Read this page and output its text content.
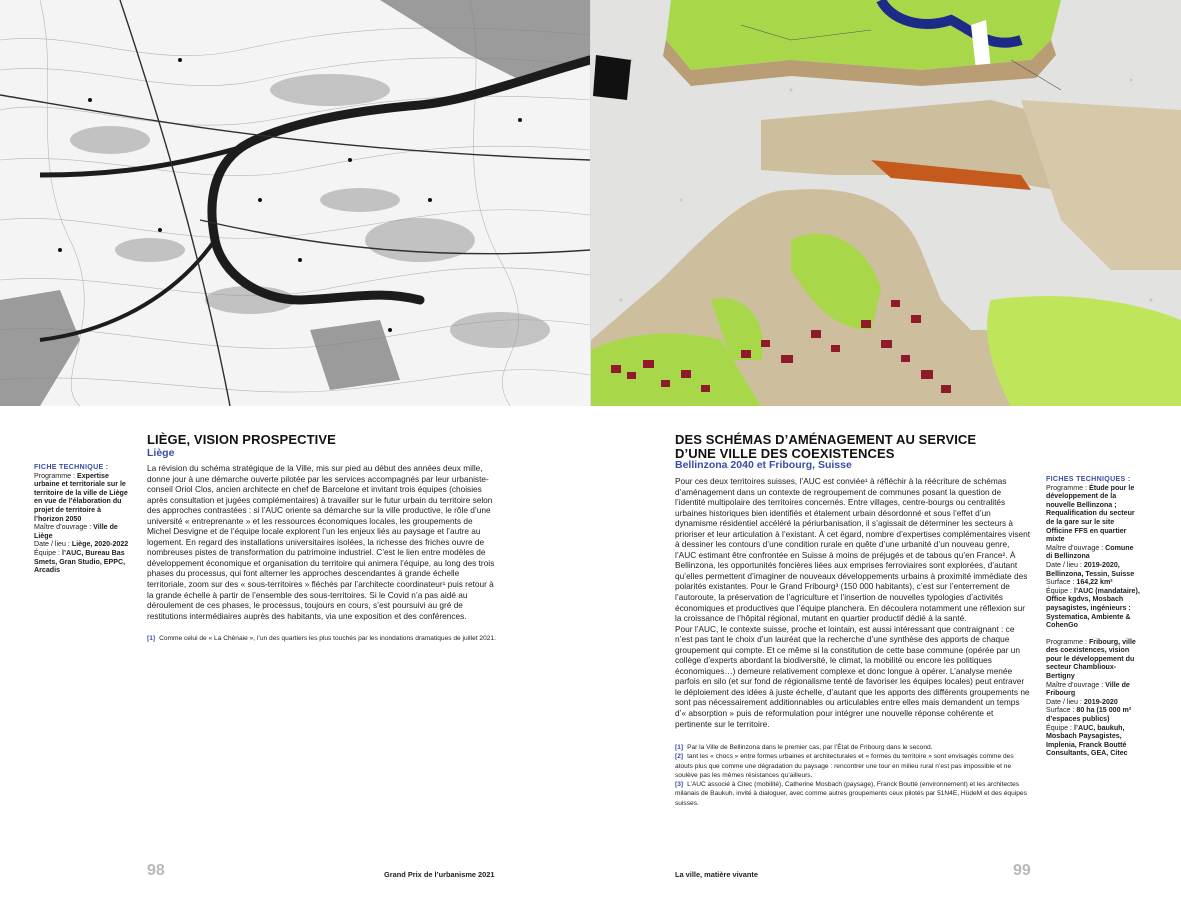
FICHE TECHNIQUE :
Programme : Expertise urbaine et territoriale sur le territoire de la ville de Liège en vue de l’élaboration du projet de territoire à l’horizon 2050
Maître d’ouvrage : Ville de Liège
Date / lieu : Liège, 2020-2022
Équipe : l’AUC, Bureau Bas Smets, Gran Studio, EPPC, Arcadis
LIÈGE, VISION PROSPECTIVE
Liège

La révision du schéma stratégique de la Ville, mis sur pied au début des années deux mille, donne jour à une démarche ouverte pilotée par les services accompagnés par leur urbaniste-conseil Oriol Clos, ancien architecte en chef de Barcelone et invitant trois équipes (choisies après consultation et jugées complémentaires) à travailler sur le futur urbain du territoire selon des approches contrastées : si l’AUC oriente sa démarche sur la ville productive, le rôle d’une université « entreprenante » et les ressources économiques locales, les groupements de Michel Desvigne et de l’équipe locale explorent l’un les enjeux liés au paysage et l’autre au logement. En regard des installations universitaires isolées, la richesse des friches ouvre de nombreuses pistes de transformation du patrimoine industriel. C’est le lien entre modèles de développement économique et organisation du territoire qui animera l’équipe, au long des trois phases du processus, qui font alterner les approches descendantes à grande échelle territoriale, zoom sur des « sous-territoires » fléchés par l’architecte coordinateur¹ puis retour à la grande échelle à partir de l’ensemble des sous-territoires. Si le Covid n’a pas aidé au déroulement de ces phases, le processus, toujours en cours, s’est poursuivi au gré de restitutions intermédiaires auprès des habitants, via une exposition et des conférences.

[1] Comme celui de « La Chênaie », l’un des quartiers les plus touchés par les inondations dramatiques de juillet 2021.

98	Grand Prix de l’urbanisme 2021
DES SCHÉMAS D’AMÉNAGEMENT AU SERVICE
D’UNE VILLE DES COEXISTENCES
Bellinzona 2040 et Fribourg, Suisse

Pour ces deux territoires suisses, l’AUC est conviée¹ à réfléchir à la réécriture de schémas d’aménagement dans un contexte de regroupement de communes posant la question de l’identité multipolaire des territoires concernés. Entre villages, centre-bourgs ou centralités urbaines historiques bien identifiés et étalement urbain désordonné et sous l’effet d’un dynamisme résidentiel accéléré la périurbanisation, il s’agissait de déterminer les secteurs à prioriser et leur articulation à l’existant. À cet égard, nombre d’expertises complémentaires visent à dessiner les contours d’une condition rurale en quête d’une urbanité d’un nouveau genre, l’AUC estimant être confrontée en Suisse à moins de préjugés et de tabous qu’en France². À Bellinzona, les opportunités foncières liées aux emprises ferroviaires sont explorées, d’autant qu’elles permettent d’imaginer de nouveaux développements urbains à proximité immédiate des polarités existantes. Pour le Grand Fribourg³ (150 000 habitants), c’est sur l’enterrement de l’autoroute, la préservation de l’agriculture et l’insertion de nouvelles typologies d’activités économiques et productives que l’équipe planchera. En découlera notamment une réflexion sur la croissance de l’hôpital régional, mutant en quartier productif dédié à la santé.

Pour l’AUC, le contexte suisse, proche et lointain, est aussi intéressant que contraignant : ce n’est pas tant le choix d’un lauréat que la recherche d’une synthèse des apports de chaque groupement qui compte. Et ce même si la constitution de cette base commune (opérée par un collège d’experts abordant la biodiversité, le climat, la mobilité ou encore les politiques économiques…) demeure relativement complexe et donc longue à opérer. L’analyse menée parfois en silo (et sur fond de régionalisme tenté de favoriser les équipes locales) peut entraver le déploiement des idées à juste échelle, d’autant que les apports des différents groupements ne sont pas nécessairement additionnables ou articulables entre elles mais demandent un temps d’« absorption » puis de reformulation pour intégrer une nouvelle réponse cohérente et pertinente sur le territoire.

[1] Par la Ville de Bellinzona dans le premier cas, par l’État de Fribourg dans le second.

[2] tant les « chocs » entre formes urbaines et architecturales et « formes du territoire » sont envisagés comme des atouts plus que comme une dégradation du paysage : rencontrer une tour en milieu rural n’est pas impossible et ne soulève pas les mêmes résistances qu’ailleurs.

[3] L’AUC associé à Citec (mobilité), Catherine Mosbach (paysage), Franck Boutté (environnement) et les architectes milanais de Baukuh, invité à dialoguer, avec comme autres groupements ceux pilotés par 51N4E, HüdeM et des équipes suisses.

FICHES TECHNIQUES :
Programme : Étude pour le développement de la nouvelle Bellinzona ; Requalification du secteur de la gare sur le site Officine FFS en quartier mixte
Maître d’ouvrage : Comune di Bellinzona
Date / lieu : 2019-2020, Bellinzona, Tessin, Suisse
Surface : 164,22 km²
Équipe : l’AUC (mandataire), Office kgdvs, Mosbach paysagistes, ingénieurs : Systematica, Ambiente & CohenGo
Programme : Fribourg, ville des coexistences, vision pour le développement du secteur Chamblioux-Bertigny
Maître d’ouvrage : Ville de Fribourg
Date / lieu : 2019-2020
Surface : 80 ha (15 000 m² d’espaces publics)
Équipe : l’AUC, baukuh, Mosbach Paysagistes, Implenia, Franck Boutté Consultants, GEA, Citec
La ville, matière vivante	99
